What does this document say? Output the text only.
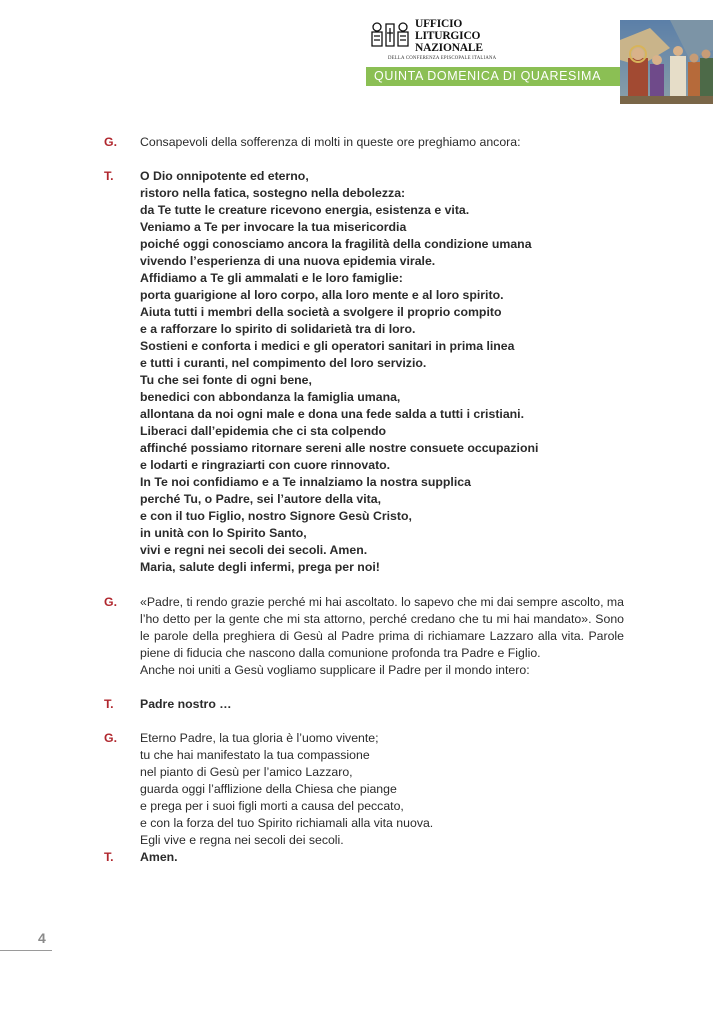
UFFICIO
LITURGICO
NAZIONALE
DELLA CONFERENZA EPISCOPALE ITALIANA
QUINTA DOMENICA DI QUARESIMA
G.	Consapevoli della sofferenza di molti in queste ore preghiamo ancora:
T.	O Dio onnipotente ed eterno,
ristoro nella fatica, sostegno nella debolezza:
da Te tutte le creature ricevono energia, esistenza e vita.
Veniamo a Te per invocare la tua misericordia
poiché oggi conosciamo ancora la fragilità della condizione umana
vivendo l’esperienza di una nuova epidemia virale.
Affidiamo a Te gli ammalati e le loro famiglie:
porta guarigione al loro corpo, alla loro mente e al loro spirito.
Aiuta tutti i membri della società a svolgere il proprio compito
e a rafforzare lo spirito di solidarietà tra di loro.
Sostieni e conforta i medici e gli operatori sanitari in prima linea
e tutti i curanti, nel compimento del loro servizio.
Tu che sei fonte di ogni bene,
benedici con abbondanza la famiglia umana,
allontana da noi ogni male e dona una fede salda a tutti i cristiani.
Liberaci dall’epidemia che ci sta colpendo
affinché possiamo ritornare sereni alle nostre consuete occupazioni
e lodarti e ringraziarti con cuore rinnovato.
In Te noi confidiamo e a Te innalziamo la nostra supplica
perché Tu, o Padre, sei l’autore della vita,
e con il tuo Figlio, nostro Signore Gesù Cristo,
in unità con lo Spirito Santo,
vivi e regni nei secoli dei secoli. Amen.
Maria, salute degli infermi, prega per noi!
G.	«Padre, ti rendo grazie perché mi hai ascoltato. lo sapevo che mi dai sempre ascolto, ma l’ho detto per la gente che mi sta attorno, perché credano che tu mi hai mandato». Sono le parole della preghiera di Gesù al Padre prima di richiamare Lazzaro alla vita. Parole piene di fiducia che nascono dalla comunione profonda tra Padre e Figlio.
Anche noi uniti a Gesù vogliamo supplicare il Padre per il mondo intero:
T.	Padre nostro …
G.	Eterno Padre, la tua gloria è l’uomo vivente;
tu che hai manifestato la tua compassione
nel pianto di Gesù per l’amico Lazzaro,
guarda oggi l’afflizione della Chiesa che piange
e prega per i suoi figli morti a causa del peccato,
e con la forza del tuo Spirito richiamali alla vita nuova.
Egli vive e regna nei secoli dei secoli.
T.	Amen.
4
